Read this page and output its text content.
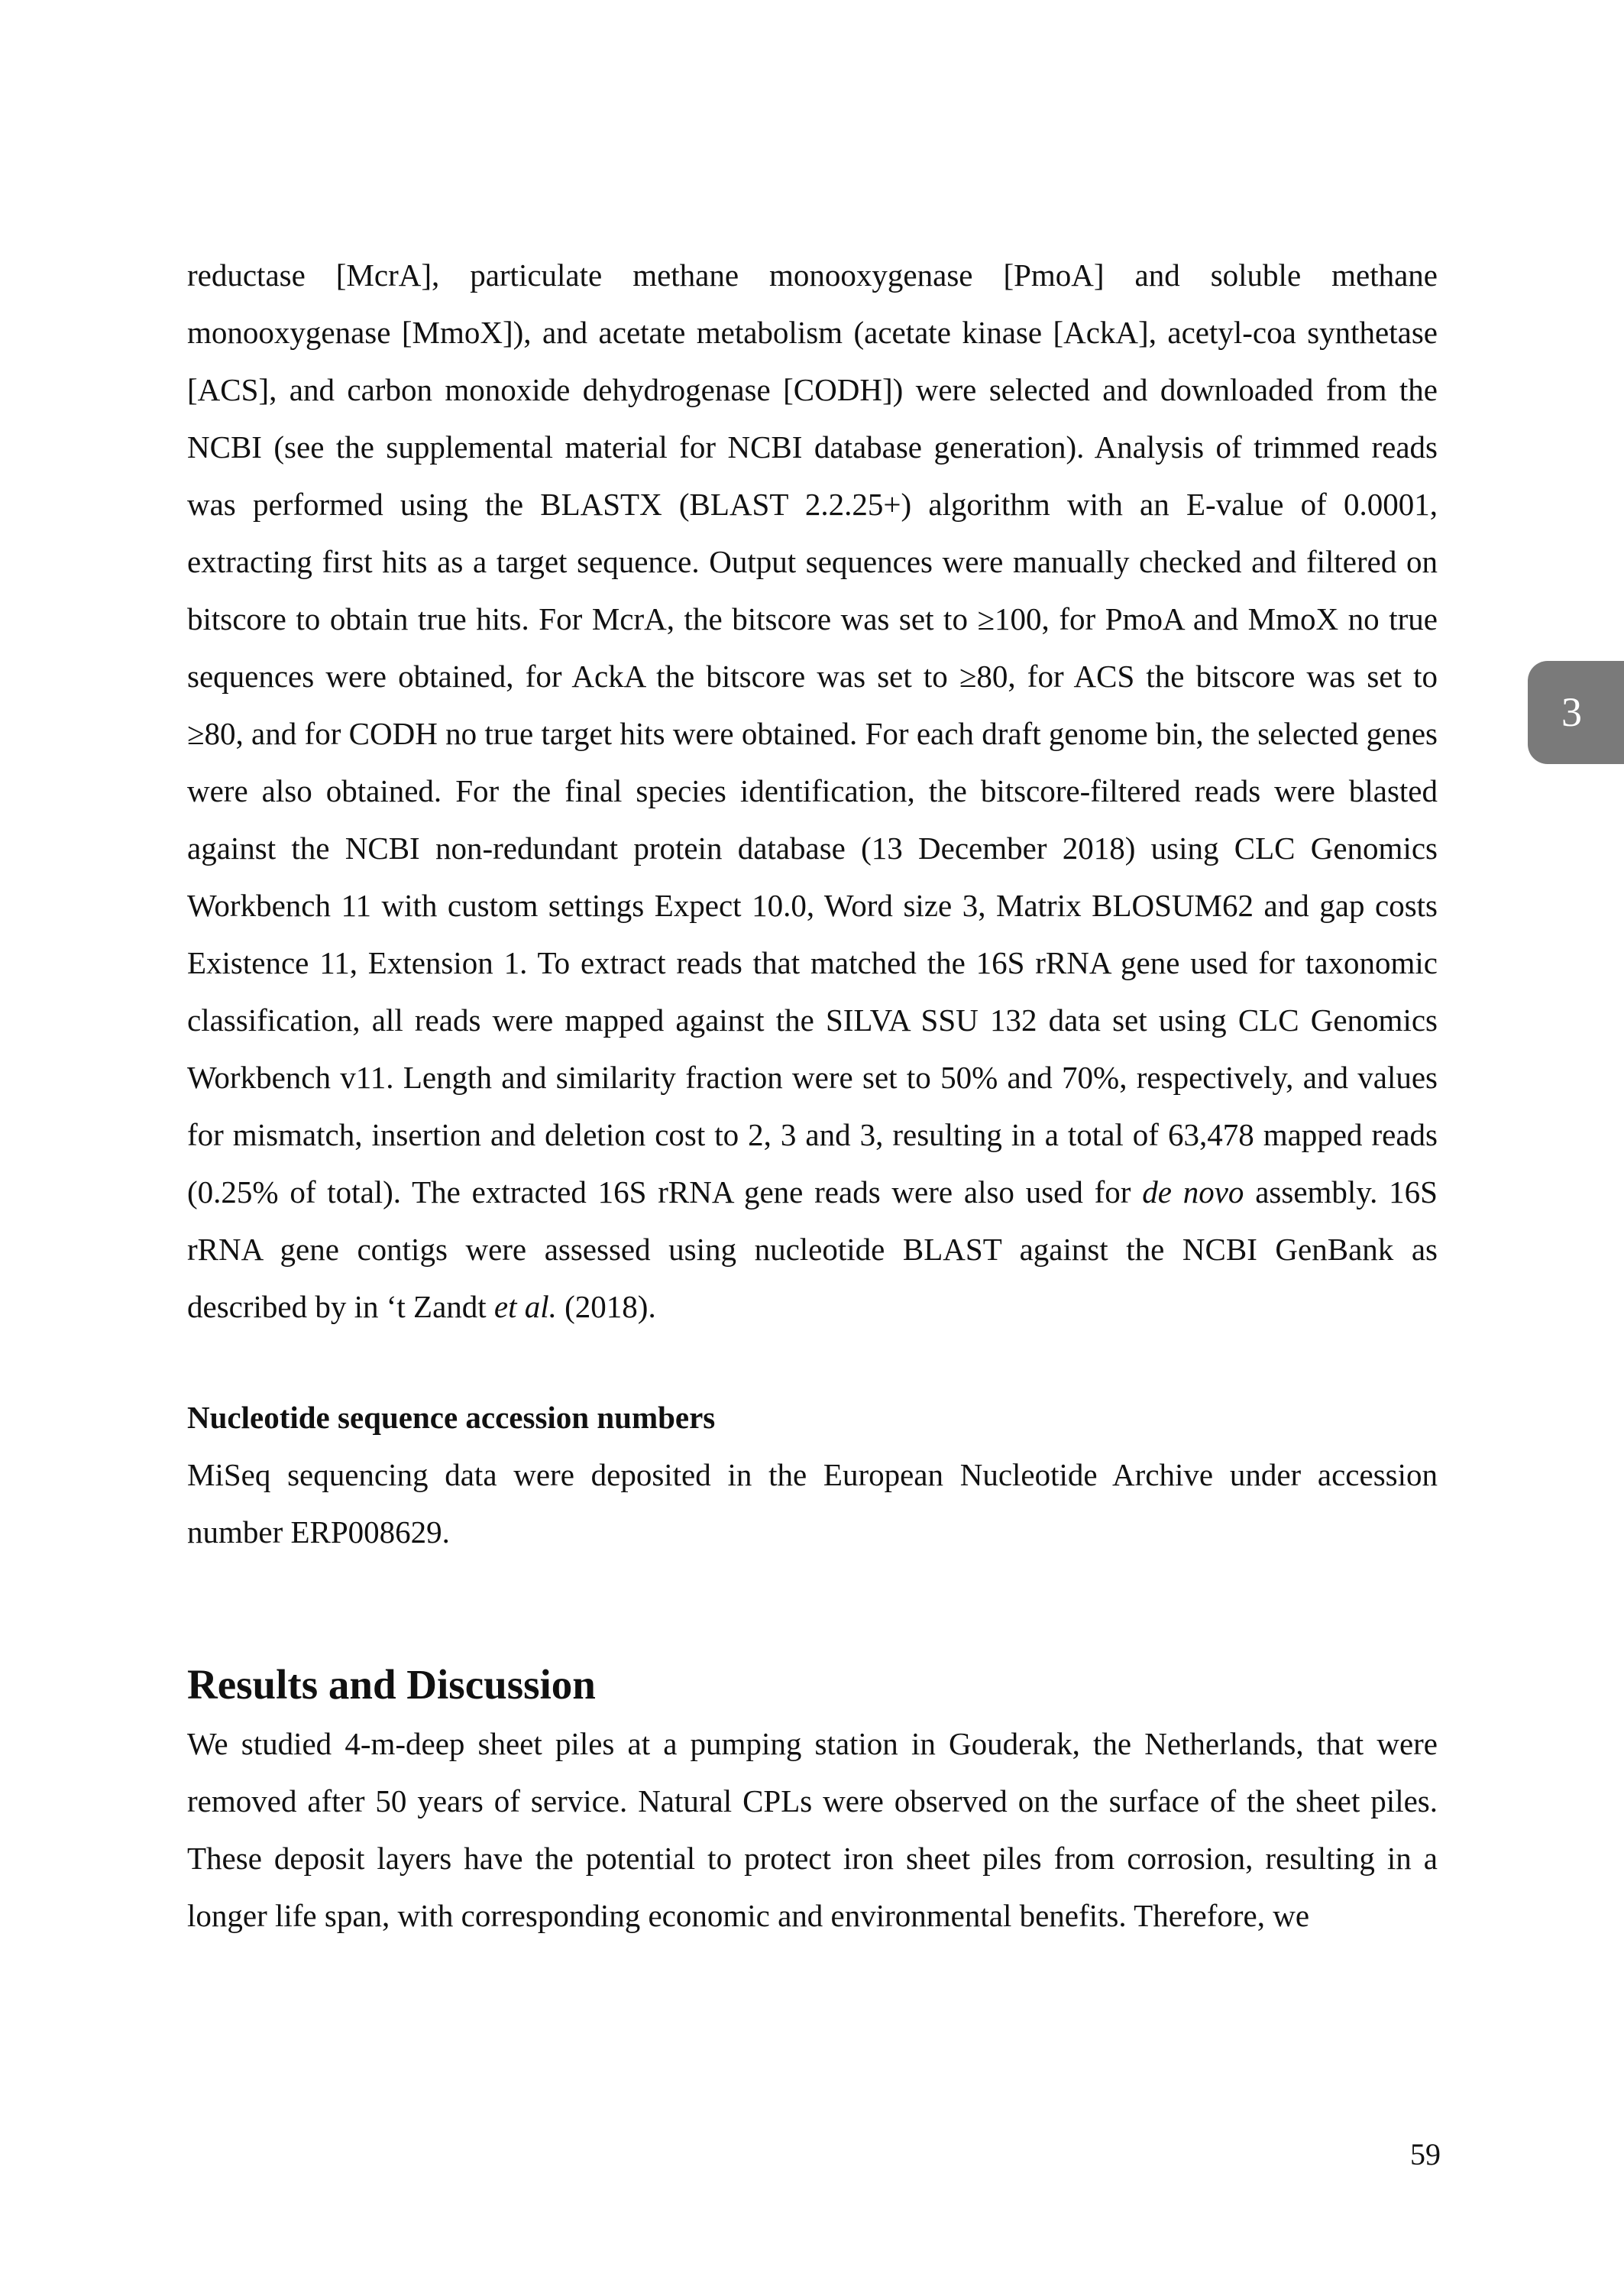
reductase [McrA], particulate methane monooxygenase [PmoA] and soluble methane monooxygenase [MmoX]), and acetate metabolism (acetate kinase [AckA], acetyl-coa synthetase [ACS], and carbon monoxide dehydrogenase [CODH]) were selected and downloaded from the NCBI (see the supplemental material for NCBI database generation). Analysis of trimmed reads was performed using the BLASTX (BLAST 2.2.25+) algorithm with an E-value of 0.0001, extracting first hits as a target sequence. Output sequences were manually checked and filtered on bitscore to obtain true hits. For McrA, the bitscore was set to ≥100, for PmoA and MmoX no true sequences were obtained, for AckA the bitscore was set to ≥80, for ACS the bitscore was set to ≥80, and for CODH no true target hits were obtained. For each draft genome bin, the selected genes were also obtained. For the final species identification, the bitscore-filtered reads were blasted against the NCBI non-redundant protein database (13 December 2018) using CLC Genomics Workbench 11 with custom settings Expect 10.0, Word size 3, Matrix BLOSUM62 and gap costs Existence 11, Extension 1. To extract reads that matched the 16S rRNA gene used for taxonomic classification, all reads were mapped against the SILVA SSU 132 data set using CLC Genomics Workbench v11. Length and similarity fraction were set to 50% and 70%, respectively, and values for mismatch, insertion and deletion cost to 2, 3 and 3, resulting in a total of 63,478 mapped reads (0.25% of total). The extracted 16S rRNA gene reads were also used for de novo assembly. 16S rRNA gene contigs were assessed using nucleotide BLAST against the NCBI GenBank as described by in ‘t Zandt et al. (2018).

Nucleotide sequence accession numbers

MiSeq sequencing data were deposited in the European Nucleotide Archive under accession number ERP008629.

Results and Discussion

We studied 4-m-deep sheet piles at a pumping station in Gouderak, the Netherlands, that were removed after 50 years of service. Natural CPLs were observed on the surface of the sheet piles. These deposit layers have the potential to protect iron sheet piles from corrosion, resulting in a longer life span, with corresponding economic and environmental benefits. Therefore, we

3

59
